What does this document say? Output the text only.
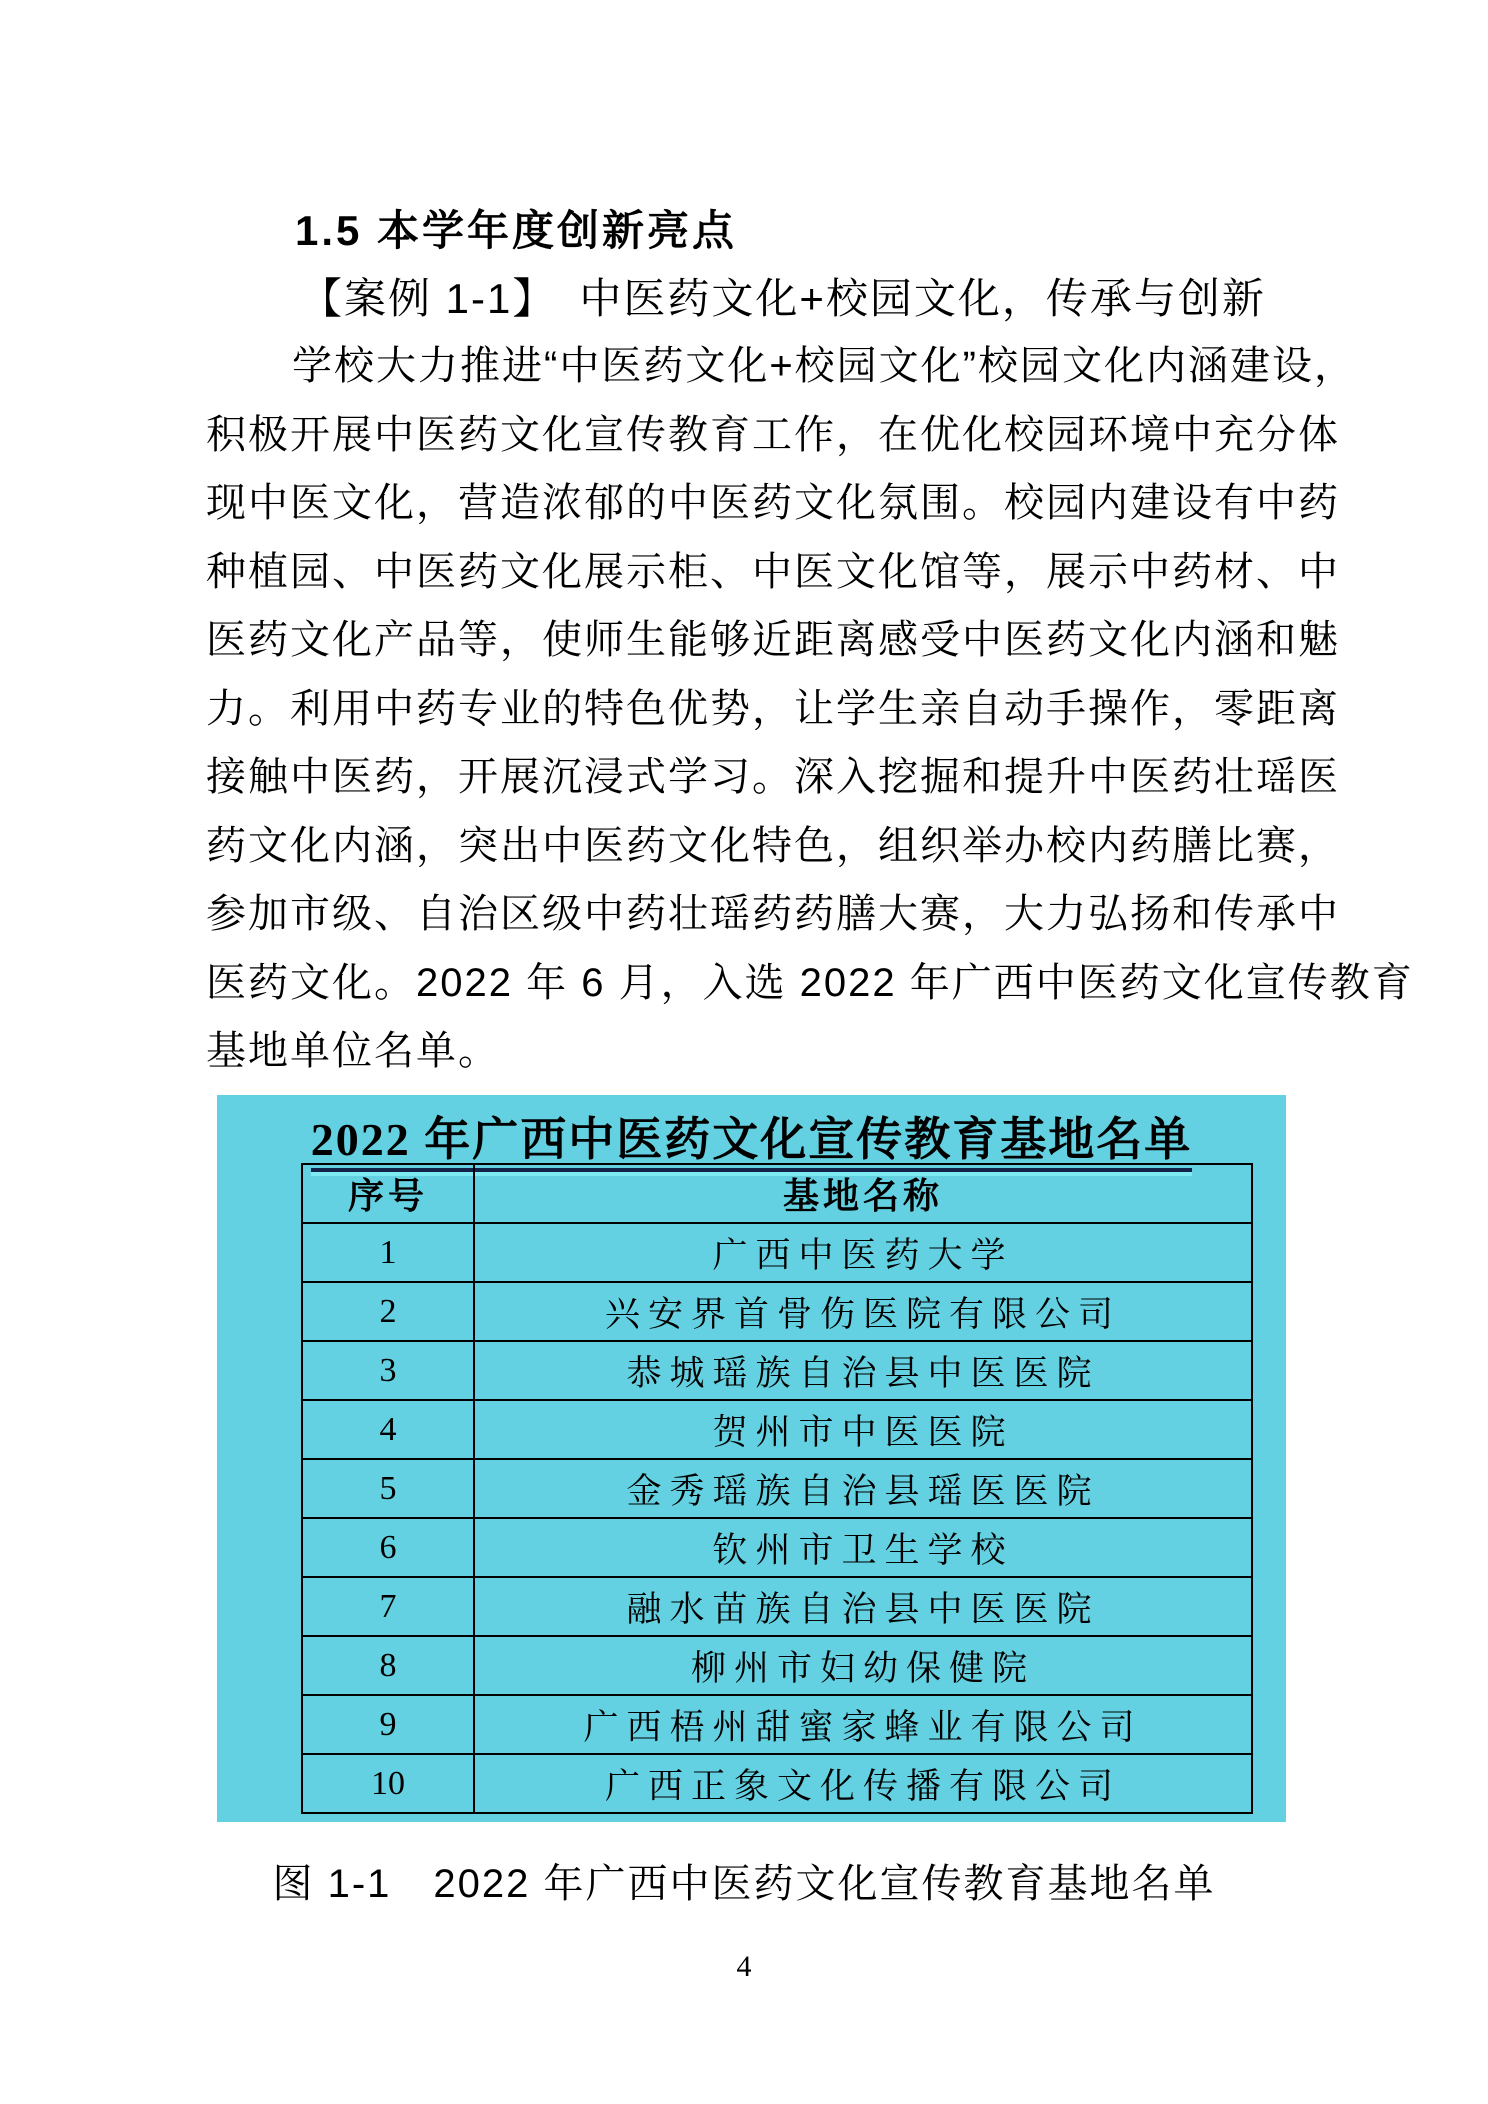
1.5 本学年度创新亮点
【案例 1-1】　中医药文化+校园文化，传承与创新
学校大力推进“中医药文化+校园文化”校园文化内涵建设，
积极开展中医药文化宣传教育工作，在优化校园环境中充分体
现中医文化，营造浓郁的中医药文化氛围。校园内建设有中药
种植园、中医药文化展示柜、中医文化馆等，展示中药材、中
医药文化产品等，使师生能够近距离感受中医药文化内涵和魅
力。利用中药专业的特色优势，让学生亲自动手操作，零距离
接触中医药，开展沉浸式学习。深入挖掘和提升中医药壮瑶医
药文化内涵，突出中医药文化特色，组织举办校内药膳比赛，
参加市级、自治区级中药壮瑶药药膳大赛，大力弘扬和传承中
医药文化。2022 年 6 月，入选 2022 年广西中医药文化宣传教育
基地单位名单。
2022 年广西中医药文化宣传教育基地名单
序号	基地名称
1	广西中医药大学
2	兴安界首骨伤医院有限公司
3	恭城瑶族自治县中医医院
4	贺州市中医医院
5	金秀瑶族自治县瑶医医院
6	钦州市卫生学校
7	融水苗族自治县中医医院
8	柳州市妇幼保健院
9	广西梧州甜蜜家蜂业有限公司
10	广西正象文化传播有限公司
图 1-1　2022 年广西中医药文化宣传教育基地名单
4
